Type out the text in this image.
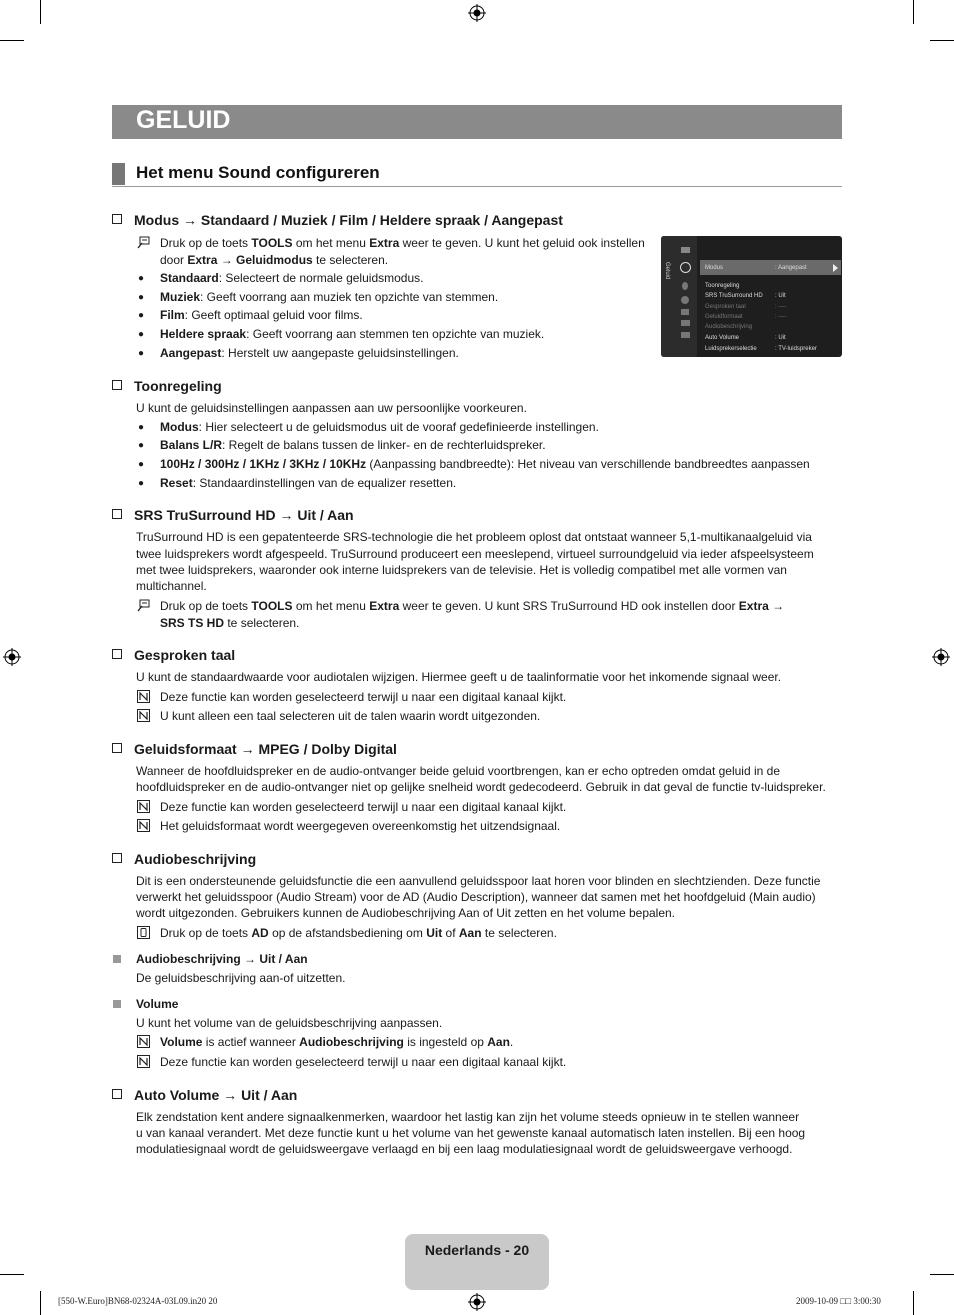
GELUID
Het menu Sound configureren
Modus → Standaard / Muziek / Film / Heldere spraak / Aangepast
Druk op de toets TOOLS om het menu Extra weer te geven. U kunt het geluid ook instellen
door Extra → Geluidmodus te selecteren.
● Standaard: Selecteert de normale geluidsmodus.
● Muziek: Geeft voorrang aan muziek ten opzichte van stemmen.
● Film: Geeft optimaal geluid voor films.
● Heldere spraak: Geeft voorrang aan stemmen ten opzichte van muziek.
● Aangepast: Herstelt uw aangepaste geluidsinstellingen.
Geluid	Modus	: Aangepast
Toonregeling
SRS TruSurround HD : Uit
Gesproken taal	: ----
Geluidformaat	: ----
Audiobeschrijving
Auto Volume	: Uit
Luidsprekerselectie	: TV-luidspreker
Toonregeling
U kunt de geluidsinstellingen aanpassen aan uw persoonlijke voorkeuren.
● Modus: Hier selecteert u de geluidsmodus uit de vooraf gedefinieerde instellingen.
● Balans L/R: Regelt de balans tussen de linker- en de rechterluidspreker.
● 100Hz / 300Hz / 1KHz / 3KHz / 10KHz (Aanpassing bandbreedte): Het niveau van verschillende bandbreedtes aanpassen
● Reset: Standaardinstellingen van de equalizer resetten.
SRS TruSurround HD → Uit / Aan
TruSurround HD is een gepatenteerde SRS-technologie die het probleem oplost dat ontstaat wanneer 5,1-multikanaalgeluid via
twee luidsprekers wordt afgespeeld. TruSurround produceert een meeslepend, virtueel surroundgeluid via ieder afspeelsysteem
met twee luidsprekers, waaronder ook interne luidsprekers van de televisie. Het is volledig compatibel met alle vormen van
multichannel.
Druk op de toets TOOLS om het menu Extra weer te geven. U kunt SRS TruSurround HD ook instellen door Extra →
SRS TS HD te selecteren.
Gesproken taal
U kunt de standaardwaarde voor audiotalen wijzigen. Hiermee geeft u de taalinformatie voor het inkomende signaal weer.
Deze functie kan worden geselecteerd terwijl u naar een digitaal kanaal kijkt.
U kunt alleen een taal selecteren uit de talen waarin wordt uitgezonden.
Geluidsformaat → MPEG / Dolby Digital
Wanneer de hoofdluidspreker en de audio-ontvanger beide geluid voortbrengen, kan er echo optreden omdat geluid in de
hoofdluidspreker en de audio-ontvanger niet op gelijke snelheid wordt gedecodeerd. Gebruik in dat geval de functie tv-luidspreker.
Deze functie kan worden geselecteerd terwijl u naar een digitaal kanaal kijkt.
Het geluidsformaat wordt weergegeven overeenkomstig het uitzendsignaal.
Audiobeschrijving
Dit is een ondersteunende geluidsfunctie die een aanvullend geluidsspoor laat horen voor blinden en slechtzienden. Deze functie
verwerkt het geluidsspoor (Audio Stream) voor de AD (Audio Description), wanneer dat samen met het hoofdgeluid (Main audio)
wordt uitgezonden. Gebruikers kunnen de Audiobeschrijving Aan of Uit zetten en het volume bepalen.
Druk op de toets AD op de afstandsbediening om Uit of Aan te selecteren.
Audiobeschrijving → Uit / Aan
De geluidsbeschrijving aan-of uitzetten.
Volume
U kunt het volume van de geluidsbeschrijving aanpassen.
Volume is actief wanneer Audiobeschrijving is ingesteld op Aan.
Deze functie kan worden geselecteerd terwijl u naar een digitaal kanaal kijkt.
Auto Volume → Uit / Aan
Elk zendstation kent andere signaalkenmerken, waardoor het lastig kan zijn het volume steeds opnieuw in te stellen wanneer
u van kanaal verandert. Met deze functie kunt u het volume van het gewenste kanaal automatisch laten instellen. Bij een hoog
modulatiesignaal wordt de geluidsweergave verlaagd en bij een laag modulatiesignaal wordt de geluidsweergave verhoogd.
Nederlands - 20
[550-W.Euro]BN68-02324A-03L09.in20 20	2009-10-09 □□ 3:00:30
